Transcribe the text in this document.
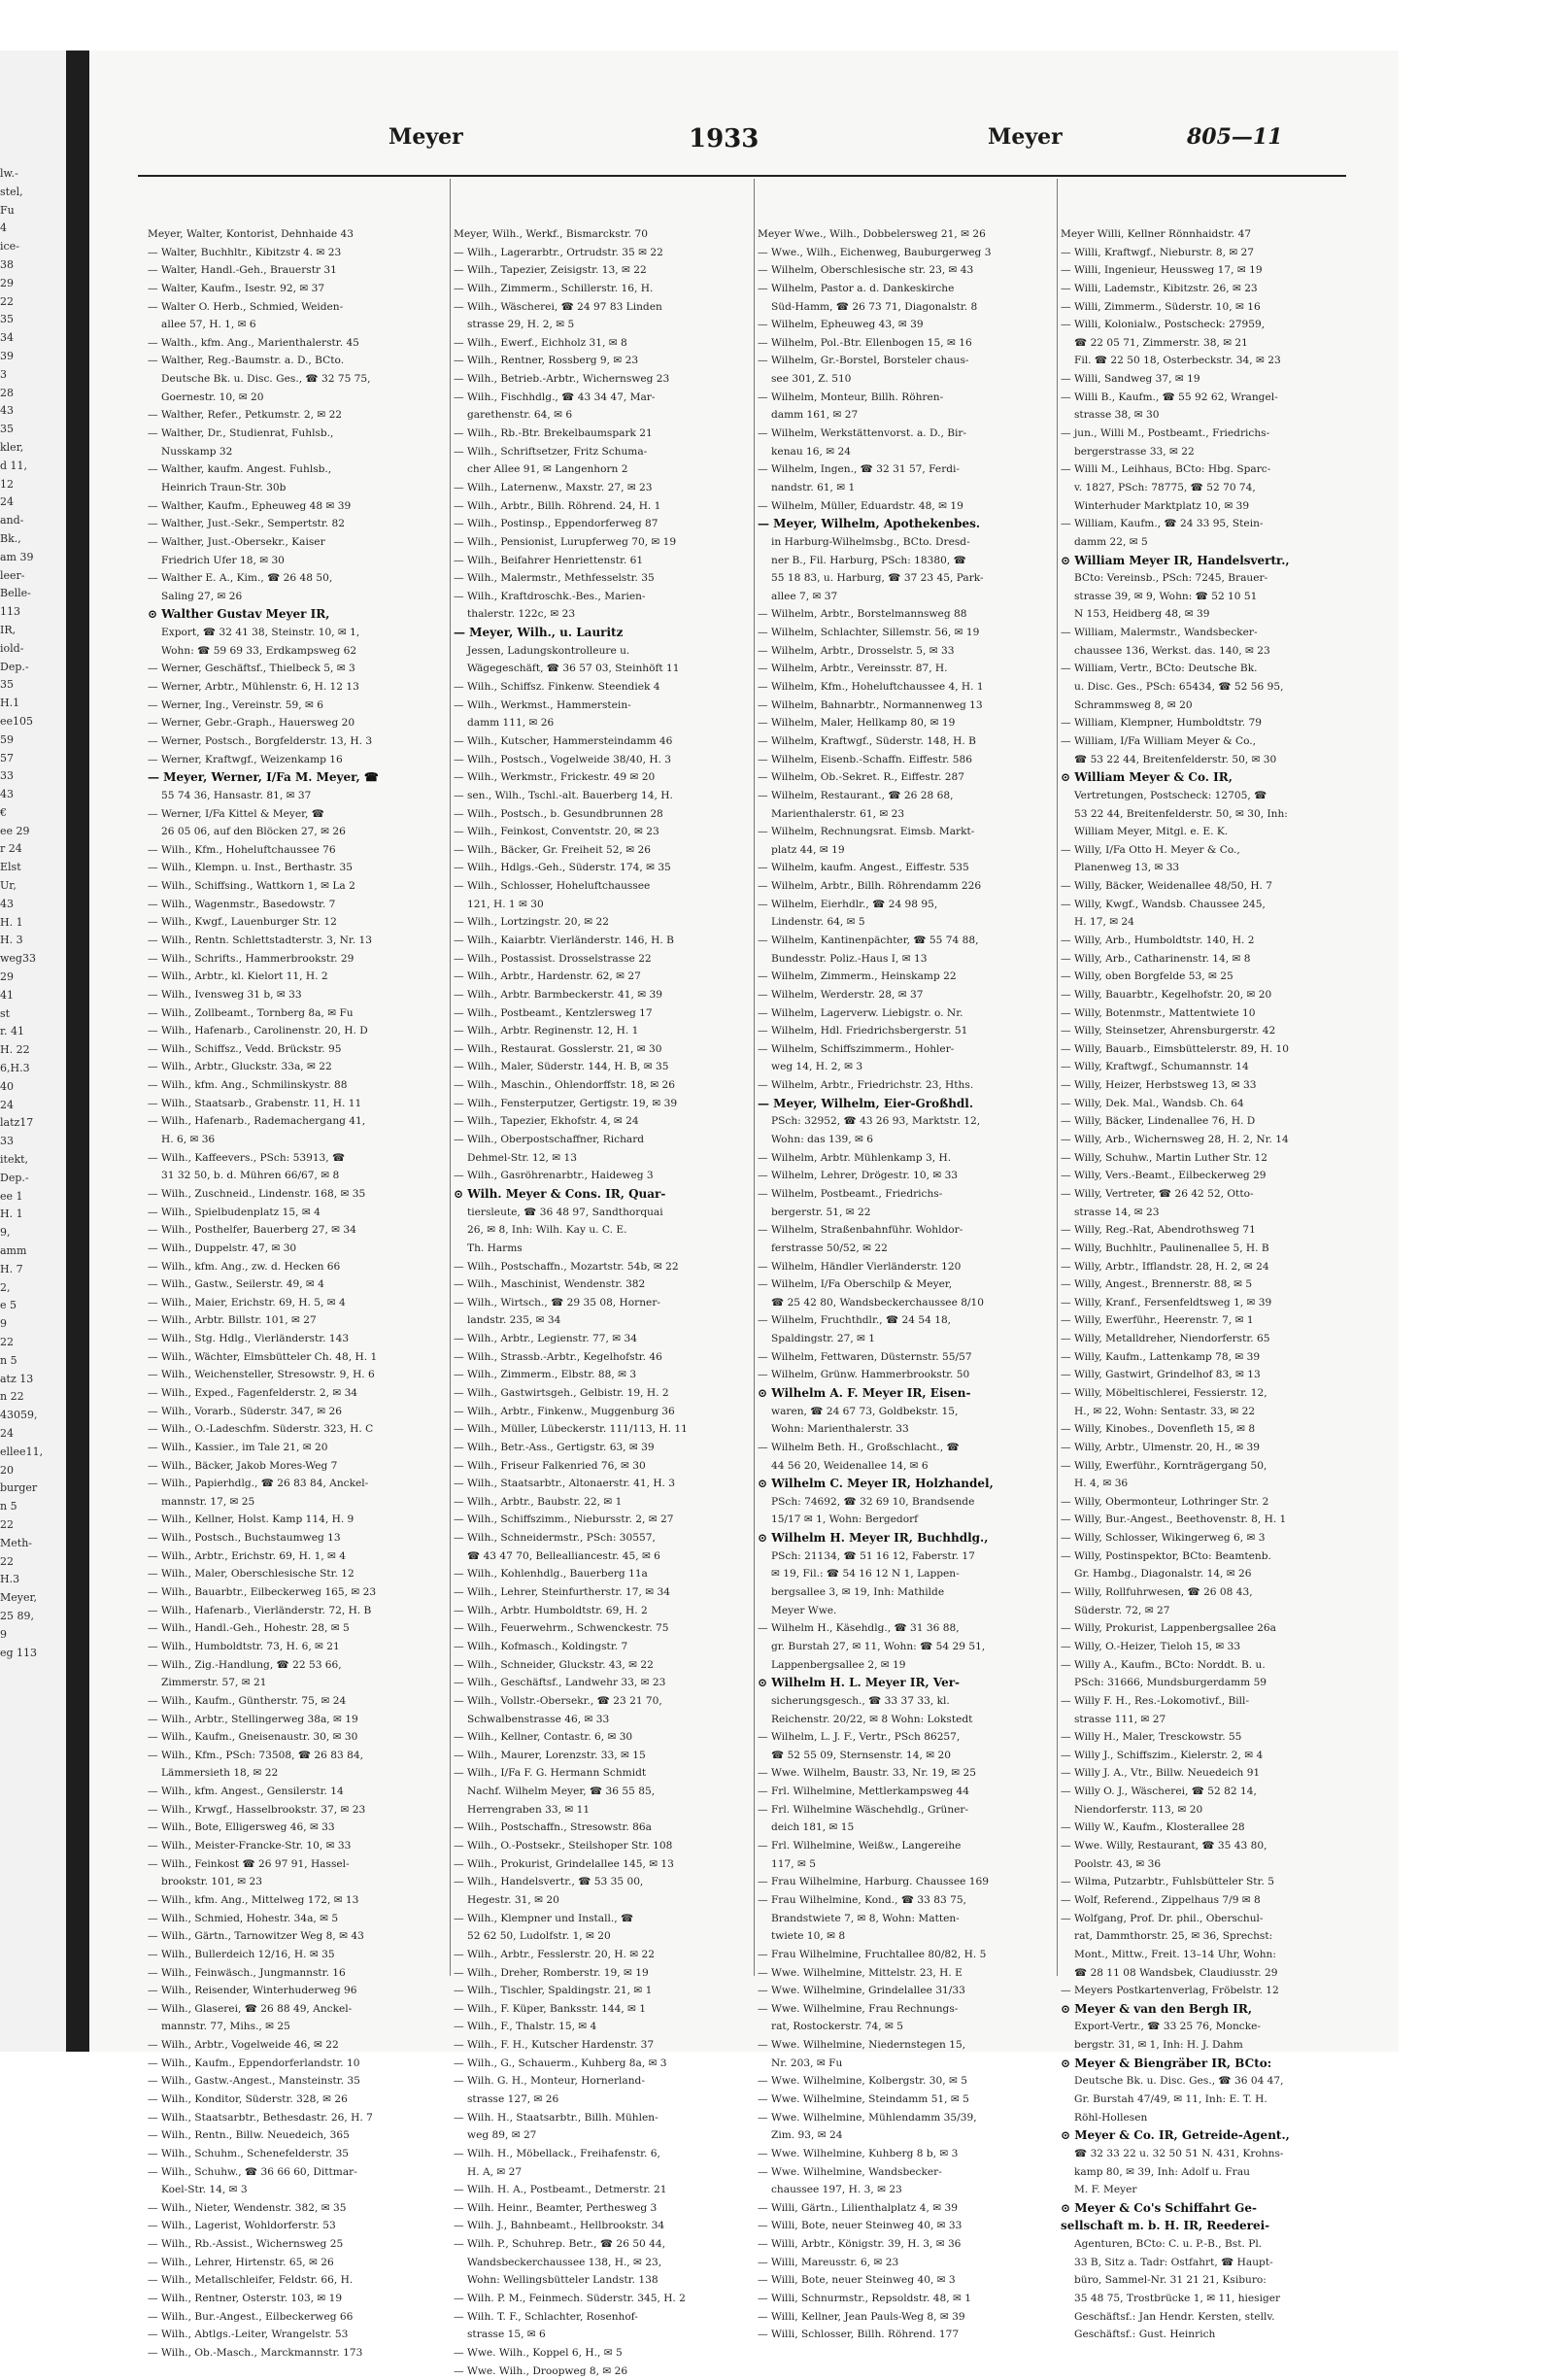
lw.-
stel,
Fu
4
ice-
38
29
22
35
34
39
3
28
43
35
kler,
d 11,
12
24
and-
Bk.,
am 39
leer-
Belle-
113
IR,
iold-
Dep.-
35
H.1
ee105
59
57
33
43
€
ee 29
r 24
Elst
Ur,
43
H. 1
H. 3
weg33
29
41
st
r. 41
H. 22
6,H.3
40
24
latz17
33
itekt,
Dep.-
ee 1
H. 1
9,
amm
H. 7
2,
e 5
9
22
n 5
atz 13
n 22
43059,
24
ellee11,
20
burger
n 5
22
Meth-
22
H.3
Meyer,
25 89,
9
eg 113
Meyer	1933	Meyer	805—11
Meyer, Walter, Kontorist, Dehnhaide 43
— Walter, Buchhltr., Kibitzstr 4. ✉ 23
— Walter, Handl.-Geh., Brauerstr 31
— Walter, Kaufm., Isestr. 92, ✉ 37
— Walter O. Herb., Schmied, Weiden-
allee 57, H. 1, ✉ 6
— Walth., kfm. Ang., Marienthalerstr. 45
— Walther, Reg.-Baumstr. a. D., BCto.
Deutsche Bk. u. Disc. Ges., ☎ 32 75 75,
Goernestr. 10, ✉ 20
— Walther, Refer., Petkumstr. 2, ✉ 22
— Walther, Dr., Studienrat, Fuhlsb.,
Nusskamp 32
— Walther, kaufm. Angest. Fuhlsb.,
Heinrich Traun-Str. 30b
— Walther, Kaufm., Epheuweg 48 ✉ 39
— Walther, Just.-Sekr., Sempertstr. 82
— Walther, Just.-Obersekr., Kaiser
Friedrich Ufer 18, ✉ 30
— Walther E. A., Kim., ☎ 26 48 50,
Saling 27, ✉ 26
⊙ Walther Gustav Meyer IR,
Export, ☎ 32 41 38, Steinstr. 10, ✉ 1,
Wohn: ☎ 59 69 33, Erdkampsweg 62
— Werner, Geschäftsf., Thielbeck 5, ✉ 3
— Werner, Arbtr., Mühlenstr. 6, H. 12 13
— Werner, Ing., Vereinstr. 59, ✉ 6
— Werner, Gebr.-Graph., Hauersweg 20
— Werner, Postsch., Borgfelderstr. 13, H. 3
— Werner, Kraftwgf., Weizenkamp 16
— Meyer, Werner, I/Fa M. Meyer, ☎
55 74 36, Hansastr. 81, ✉ 37
— Werner, I/Fa Kittel & Meyer, ☎
26 05 06, auf den Blöcken 27, ✉ 26
— Wilh., Kfm., Hoheluftchaussee 76
— Wilh., Klempn. u. Inst., Berthastr. 35
— Wilh., Schiffsing., Wattkorn 1, ✉ La 2
— Wilh., Wagenmstr., Basedowstr. 7
— Wilh., Kwgf., Lauenburger Str. 12
— Wilh., Rentn. Schlettstadterstr. 3, Nr. 13
— Wilh., Schrifts., Hammerbrookstr. 29
— Wilh., Arbtr., kl. Kielort 11, H. 2
— Wilh., Ivensweg 31 b, ✉ 33
— Wilh., Zollbeamt., Tornberg 8a, ✉ Fu
— Wilh., Hafenarb., Carolinenstr. 20, H. D
— Wilh., Schiffsz., Vedd. Brückstr. 95
— Wilh., Arbtr., Gluckstr. 33a, ✉ 22
— Wilh., kfm. Ang., Schmilinskystr. 88
— Wilh., Staatsarb., Grabenstr. 11, H. 11
— Wilh., Hafenarb., Rademachergang 41,
H. 6, ✉ 36
— Wilh., Kaffeevers., PSch: 53913, ☎
31 32 50, b. d. Mühren 66/67, ✉ 8
— Wilh., Zuschneid., Lindenstr. 168, ✉ 35
— Wilh., Spielbudenplatz 15, ✉ 4
— Wilh., Posthelfer, Bauerberg 27, ✉ 34
— Wilh., Duppelstr. 47, ✉ 30
— Wilh., kfm. Ang., zw. d. Hecken 66
— Wilh., Gastw., Seilerstr. 49, ✉ 4
— Wilh., Maier, Erichstr. 69, H. 5, ✉ 4
— Wilh., Arbtr. Billstr. 101, ✉ 27
— Wilh., Stg. Hdlg., Vierländerstr. 143
— Wilh., Wächter, Elmsbütteler Ch. 48, H. 1
— Wilh., Weichensteller, Stresowstr. 9, H. 6
— Wilh., Exped., Fagenfelderstr. 2, ✉ 34
— Wilh., Vorarb., Süderstr. 347, ✉ 26
— Wilh., O.-Ladeschfm. Süderstr. 323, H. C
— Wilh., Kassier., im Tale 21, ✉ 20
— Wilh., Bäcker, Jakob Mores-Weg 7
— Wilh., Papierhdlg., ☎ 26 83 84, Anckel-
mannstr. 17, ✉ 25
— Wilh., Kellner, Holst. Kamp 114, H. 9
— Wilh., Postsch., Buchstaumweg 13
— Wilh., Arbtr., Erichstr. 69, H. 1, ✉ 4
— Wilh., Maler, Oberschlesische Str. 12
— Wilh., Bauarbtr., Eilbeckerweg 165, ✉ 23
— Wilh., Hafenarb., Vierländerstr. 72, H. B
— Wilh., Handl.-Geh., Hohestr. 28, ✉ 5
— Wilh., Humboldtstr. 73, H. 6, ✉ 21
— Wilh., Zig.-Handlung, ☎ 22 53 66,
Zimmerstr. 57, ✉ 21
— Wilh., Kaufm., Güntherstr. 75, ✉ 24
— Wilh., Arbtr., Stellingerweg 38a, ✉ 19
— Wilh., Kaufm., Gneisenaustr. 30, ✉ 30
— Wilh., Kfm., PSch: 73508, ☎ 26 83 84,
Lämmersieth 18, ✉ 22
— Wilh., kfm. Angest., Gensilerstr. 14
— Wilh., Krwgf., Hasselbrookstr. 37, ✉ 23
— Wilh., Bote, Elligersweg 46, ✉ 33
— Wilh., Meister-Francke-Str. 10, ✉ 33
— Wilh., Feinkost ☎ 26 97 91, Hassel-
brookstr. 101, ✉ 23
— Wilh., kfm. Ang., Mittelweg 172, ✉ 13
— Wilh., Schmied, Hohestr. 34a, ✉ 5
— Wilh., Gärtn., Tarnowitzer Weg 8, ✉ 43
— Wilh., Bullerdeich 12/16, H. ✉ 35
— Wilh., Feinwäsch., Jungmannstr. 16
— Wilh., Reisender, Winterhuderweg 96
— Wilh., Glaserei, ☎ 26 88 49, Anckel-
mannstr. 77, Mihs., ✉ 25
— Wilh., Arbtr., Vogelweide 46, ✉ 22
— Wilh., Kaufm., Eppendorferlandstr. 10
— Wilh., Gastw.-Angest., Mansteinstr. 35
— Wilh., Konditor, Süderstr. 328, ✉ 26
— Wilh., Staatsarbtr., Bethesdastr. 26, H. 7
— Wilh., Rentn., Billw. Neuedeich, 365
— Wilh., Schuhm., Schenefelderstr. 35
— Wilh., Schuhw., ☎ 36 66 60, Dittmar-
Koel-Str. 14, ✉ 3
— Wilh., Nieter, Wendenstr. 382, ✉ 35
— Wilh., Lagerist, Wohldorferstr. 53
— Wilh., Rb.-Assist., Wichernsweg 25
— Wilh., Lehrer, Hirtenstr. 65, ✉ 26
— Wilh., Metallschleifer, Feldstr. 66, H.
— Wilh., Rentner, Osterstr. 103, ✉ 19
— Wilh., Bur.-Angest., Eilbeckerweg 66
— Wilh., Abtlgs.-Leiter, Wrangelstr. 53
— Wilh., Ob.-Masch., Marckmannstr. 173
Meyer, Wilh., Werkf., Bismarckstr. 70
— Wilh., Lagerarbtr., Ortrudstr. 35 ✉ 22
— Wilh., Tapezier, Zeisigstr. 13, ✉ 22
— Wilh., Zimmerm., Schillerstr. 16, H.
— Wilh., Wäscherei, ☎ 24 97 83 Linden
strasse 29, H. 2, ✉ 5
— Wilh., Ewerf., Eichholz 31, ✉ 8
— Wilh., Rentner, Rossberg 9, ✉ 23
— Wilh., Betrieb.-Arbtr., Wichernsweg 23
— Wilh., Fischhdlg., ☎ 43 34 47, Mar-
garethenstr. 64, ✉ 6
— Wilh., Rb.-Btr. Brekelbaumspark 21
— Wilh., Schriftsetzer, Fritz Schuma-
cher Allee 91, ✉ Langenhorn 2
— Wilh., Laternenw., Maxstr. 27, ✉ 23
— Wilh., Arbtr., Billh. Röhrend. 24, H. 1
— Wilh., Postinsp., Eppendorferweg 87
— Wilh., Pensionist, Lurupferweg 70, ✉ 19
— Wilh., Beifahrer Henriettenstr. 61
— Wilh., Malermstr., Methfesselstr. 35
— Wilh., Kraftdroschk.-Bes., Marien-
thalerstr. 122c, ✉ 23
— Meyer, Wilh., u. Lauritz
Jessen, Ladungskontrolleure u.
Wägegeschäft, ☎ 36 57 03, Steinhöft 11
— Wilh., Schiffsz. Finkenw. Steendiek 4
— Wilh., Werkmst., Hammerstein-
damm 111, ✉ 26
— Wilh., Kutscher, Hammersteindamm 46
— Wilh., Postsch., Vogelweide 38/40, H. 3
— Wilh., Werkmstr., Frickestr. 49 ✉ 20
— sen., Wilh., Tschl.-alt. Bauerberg 14, H.
— Wilh., Postsch., b. Gesundbrunnen 28
— Wilh., Feinkost, Conventstr. 20, ✉ 23
— Wilh., Bäcker, Gr. Freiheit 52, ✉ 26
— Wilh., Hdlgs.-Geh., Süderstr. 174, ✉ 35
— Wilh., Schlosser, Hoheluftchaussee
121, H. 1 ✉ 30
— Wilh., Lortzingstr. 20, ✉ 22
— Wilh., Kaiarbtr. Vierländerstr. 146, H. B
— Wilh., Postassist. Drosselstrasse 22
— Wilh., Arbtr., Hardenstr. 62, ✉ 27
— Wilh., Arbtr. Barmbeckerstr. 41, ✉ 39
— Wilh., Postbeamt., Kentzlersweg 17
— Wilh., Arbtr. Reginenstr. 12, H. 1
— Wilh., Restaurat. Gosslerstr. 21, ✉ 30
— Wilh., Maler, Süderstr. 144, H. B, ✉ 35
— Wilh., Maschin., Ohlendorffstr. 18, ✉ 26
— Wilh., Fensterputzer, Gertigstr. 19, ✉ 39
— Wilh., Tapezier, Ekhofstr. 4, ✉ 24
— Wilh., Oberpostschaffner, Richard
Dehmel-Str. 12, ✉ 13
— Wilh., Gasröhrenarbtr., Haideweg 3
⊙ Wilh. Meyer & Cons. IR, Quar-
tiersleute, ☎ 36 48 97, Sandthorquai
26, ✉ 8, Inh: Wilh. Kay u. C. E.
Th. Harms
— Wilh., Postschaffn., Mozartstr. 54b, ✉ 22
— Wilh., Maschinist, Wendenstr. 382
— Wilh., Wirtsch., ☎ 29 35 08, Horner-
landstr. 235, ✉ 34
— Wilh., Arbtr., Legienstr. 77, ✉ 34
— Wilh., Strassb.-Arbtr., Kegelhofstr. 46
— Wilh., Zimmerm., Elbstr. 88, ✉ 3
— Wilh., Gastwirtsgeh., Gelbistr. 19, H. 2
— Wilh., Arbtr., Finkenw., Muggenburg 36
— Wilh., Müller, Lübeckerstr. 111/113, H. 11
— Wilh., Betr.-Ass., Gertigstr. 63, ✉ 39
— Wilh., Friseur Falkenried 76, ✉ 30
— Wilh., Staatsarbtr., Altonaerstr. 41, H. 3
— Wilh., Arbtr., Baubstr. 22, ✉ 1
— Wilh., Schiffszimm., Niebursstr. 2, ✉ 27
— Wilh., Schneidermstr., PSch: 30557,
☎ 43 47 70, Bellealliancestr. 45, ✉ 6
— Wilh., Kohlenhdlg., Bauerberg 11a
— Wilh., Lehrer, Steinfurtherstr. 17, ✉ 34
— Wilh., Arbtr. Humboldtstr. 69, H. 2
— Wilh., Feuerwehrm., Schwenckestr. 75
— Wilh., Kofmasch., Koldingstr. 7
— Wilh., Schneider, Gluckstr. 43, ✉ 22
— Wilh., Geschäftsf., Landwehr 33, ✉ 23
— Wilh., Vollstr.-Obersekr., ☎ 23 21 70,
Schwalbenstrasse 46, ✉ 33
— Wilh., Kellner, Contastr. 6, ✉ 30
— Wilh., Maurer, Lorenzstr. 33, ✉ 15
— Wilh., I/Fa F. G. Hermann Schmidt
Nachf. Wilhelm Meyer, ☎ 36 55 85,
Herrengraben 33, ✉ 11
— Wilh., Postschaffn., Stresowstr. 86a
— Wilh., O.-Postsekr., Steilshoper Str. 108
— Wilh., Prokurist, Grindelallee 145, ✉ 13
— Wilh., Handelsvertr., ☎ 53 35 00,
Hegestr. 31, ✉ 20
— Wilh., Klempner und Install., ☎
52 62 50, Ludolfstr. 1, ✉ 20
— Wilh., Arbtr., Fesslerstr. 20, H. ✉ 22
— Wilh., Dreher, Romberstr. 19, ✉ 19
— Wilh., Tischler, Spaldingstr. 21, ✉ 1
— Wilh., F. Küper, Banksstr. 144, ✉ 1
— Wilh., F., Thalstr. 15, ✉ 4
— Wilh., F. H., Kutscher Hardenstr. 37
— Wilh., G., Schauerm., Kuhberg 8a, ✉ 3
— Wilh. G. H., Monteur, Hornerland-
strasse 127, ✉ 26
— Wilh. H., Staatsarbtr., Billh. Mühlen-
weg 89, ✉ 27
— Wilh. H., Möbellack., Freihafenstr. 6,
H. A, ✉ 27
— Wilh. H. A., Postbeamt., Detmerstr. 21
— Wilh. Heinr., Beamter, Perthesweg 3
— Wilh. J., Bahnbeamt., Hellbrookstr. 34
— Wilh. P., Schuhrep. Betr., ☎ 26 50 44,
Wandsbeckerchaussee 138, H., ✉ 23,
Wohn: Wellingsbütteler Landstr. 138
— Wilh. P. M., Feinmech. Süderstr. 345, H. 2
— Wilh. T. F., Schlachter, Rosenhof-
strasse 15, ✉ 6
— Wwe. Wilh., Koppel 6, H., ✉ 5
— Wwe. Wilh., Droopweg 8, ✉ 26
Meyer Wwe., Wilh., Dobbelersweg 21, ✉ 26
— Wwe., Wilh., Eichenweg, Bauburgerweg 3
— Wilhelm, Oberschlesische str. 23, ✉ 43
— Wilhelm, Pastor a. d. Dankeskirche
Süd-Hamm, ☎ 26 73 71, Diagonalstr. 8
— Wilhelm, Epheuweg 43, ✉ 39
— Wilhelm, Pol.-Btr. Ellenbogen 15, ✉ 16
— Wilhelm, Gr.-Borstel, Borsteler chaus-
see 301, Z. 510
— Wilhelm, Monteur, Billh. Röhren-
damm 161, ✉ 27
— Wilhelm, Werkstättenvorst. a. D., Bir-
kenau 16, ✉ 24
— Wilhelm, Ingen., ☎ 32 31 57, Ferdi-
nandstr. 61, ✉ 1
— Wilhelm, Müller, Eduardstr. 48, ✉ 19
— Meyer, Wilhelm, Apothekenbes.
in Harburg-Wilhelmsbg., BCto. Dresd-
ner B., Fil. Harburg, PSch: 18380, ☎
55 18 83, u. Harburg, ☎ 37 23 45, Park-
allee 7, ✉ 37
— Wilhelm, Arbtr., Borstelmannsweg 88
— Wilhelm, Schlachter, Sillemstr. 56, ✉ 19
— Wilhelm, Arbtr., Drosselstr. 5, ✉ 33
— Wilhelm, Arbtr., Vereinsstr. 87, H.
— Wilhelm, Kfm., Hoheluftchaussee 4, H. 1
— Wilhelm, Bahnarbtr., Normannenweg 13
— Wilhelm, Maler, Hellkamp 80, ✉ 19
— Wilhelm, Kraftwgf., Süderstr. 148, H. B
— Wilhelm, Eisenb.-Schaffn. Eiffestr. 586
— Wilhelm, Ob.-Sekret. R., Eiffestr. 287
— Wilhelm, Restaurant., ☎ 26 28 68,
Marienthalerstr. 61, ✉ 23
— Wilhelm, Rechnungsrat. Eimsb. Markt-
platz 44, ✉ 19
— Wilhelm, kaufm. Angest., Eiffestr. 535
— Wilhelm, Arbtr., Billh. Röhrendamm 226
— Wilhelm, Eierhdlr., ☎ 24 98 95,
Lindenstr. 64, ✉ 5
— Wilhelm, Kantinenpächter, ☎ 55 74 88,
Bundesstr. Poliz.-Haus I, ✉ 13
— Wilhelm, Zimmerm., Heinskamp 22
— Wilhelm, Werderstr. 28, ✉ 37
— Wilhelm, Lagerverw. Liebigstr. o. Nr.
— Wilhelm, Hdl. Friedrichsbergerstr. 51
— Wilhelm, Schiffszimmerm., Hohler-
weg 14, H. 2, ✉ 3
— Wilhelm, Arbtr., Friedrichstr. 23, Hths.
— Meyer, Wilhelm, Eier-Großhdl.
PSch: 32952, ☎ 43 26 93, Marktstr. 12,
Wohn: das 139, ✉ 6
— Wilhelm, Arbtr. Mühlenkamp 3, H.
— Wilhelm, Lehrer, Drögestr. 10, ✉ 33
— Wilhelm, Postbeamt., Friedrichs-
bergerstr. 51, ✉ 22
— Wilhelm, Straßenbahnführ. Wohldor-
ferstrasse 50/52, ✉ 22
— Wilhelm, Händler Vierländerstr. 120
— Wilhelm, I/Fa Oberschilp & Meyer,
☎ 25 42 80, Wandsbeckerchaussee 8/10
— Wilhelm, Fruchthdlr., ☎ 24 54 18,
Spaldingstr. 27, ✉ 1
— Wilhelm, Fettwaren, Düsternstr. 55/57
— Wilhelm, Grünw. Hammerbrookstr. 50
⊙ Wilhelm A. F. Meyer IR, Eisen-
waren, ☎ 24 67 73, Goldbekstr. 15,
Wohn: Marienthalerstr. 33
— Wilhelm Beth. H., Großschlacht., ☎
44 56 20, Weidenallee 14, ✉ 6
⊙ Wilhelm C. Meyer IR, Holzhandel,
PSch: 74692, ☎ 32 69 10, Brandsende
15/17 ✉ 1, Wohn: Bergedorf
⊙ Wilhelm H. Meyer IR, Buchhdlg.,
PSch: 21134, ☎ 51 16 12, Faberstr. 17
✉ 19, Fil.: ☎ 54 16 12 N 1, Lappen-
bergsallee 3, ✉ 19, Inh: Mathilde
Meyer Wwe.
— Wilhelm H., Käsehdlg., ☎ 31 36 88,
gr. Burstah 27, ✉ 11, Wohn: ☎ 54 29 51,
Lappenbergsallee 2, ✉ 19
⊙ Wilhelm H. L. Meyer IR, Ver-
sicherungsgesch., ☎ 33 37 33, kl.
Reichenstr. 20/22, ✉ 8 Wohn: Lokstedt
— Wilhelm, L. J. F., Vertr., PSch 86257,
☎ 52 55 09, Sternsenstr. 14, ✉ 20
— Wwe. Wilhelm, Baustr. 33, Nr. 19, ✉ 25
— Frl. Wilhelmine, Mettlerkampsweg 44
— Frl. Wilhelmine Wäschehdlg., Grüner-
deich 181, ✉ 15
— Frl. Wilhelmine, Weißw., Langereihe
117, ✉ 5
— Frau Wilhelmine, Harburg. Chaussee 169
— Frau Wilhelmine, Kond., ☎ 33 83 75,
Brandstwiete 7, ✉ 8, Wohn: Matten-
twiete 10, ✉ 8
— Frau Wilhelmine, Fruchtallee 80/82, H. 5
— Wwe. Wilhelmine, Mittelstr. 23, H. E
— Wwe. Wilhelmine, Grindelallee 31/33
— Wwe. Wilhelmine, Frau Rechnungs-
rat, Rostockerstr. 74, ✉ 5
— Wwe. Wilhelmine, Niedernstegen 15,
Nr. 203, ✉ Fu
— Wwe. Wilhelmine, Kolbergstr. 30, ✉ 5
— Wwe. Wilhelmine, Steindamm 51, ✉ 5
— Wwe. Wilhelmine, Mühlendamm 35/39,
Zim. 93, ✉ 24
— Wwe. Wilhelmine, Kuhberg 8 b, ✉ 3
— Wwe. Wilhelmine, Wandsbecker-
chaussee 197, H. 3, ✉ 23
— Willi, Gärtn., Lilienthalplatz 4, ✉ 39
— Willi, Bote, neuer Steinweg 40, ✉ 33
— Willi, Arbtr., Königstr. 39, H. 3, ✉ 36
— Willi, Mareusstr. 6, ✉ 23
— Willi, Bote, neuer Steinweg 40, ✉ 3
— Willi, Schnurmstr., Repsoldstr. 48, ✉ 1
— Willi, Kellner, Jean Pauls-Weg 8, ✉ 39
— Willi, Schlosser, Billh. Röhrend. 177
Meyer Willi, Kellner Rönnhaidstr. 47
— Willi, Kraftwgf., Nieburstr. 8, ✉ 27
— Willi, Ingenieur, Heussweg 17, ✉ 19
— Willi, Lademstr., Kibitzstr. 26, ✉ 23
— Willi, Zimmerm., Süderstr. 10, ✉ 16
— Willi, Kolonialw., Postscheck: 27959,
☎ 22 05 71, Zimmerstr. 38, ✉ 21
Fil. ☎ 22 50 18, Osterbeckstr. 34, ✉ 23
— Willi, Sandweg 37, ✉ 19
— Willi B., Kaufm., ☎ 55 92 62, Wrangel-
strasse 38, ✉ 30
— jun., Willi M., Postbeamt., Friedrichs-
bergerstrasse 33, ✉ 22
— Willi M., Leihhaus, BCto: Hbg. Sparc-
v. 1827, PSch: 78775, ☎ 52 70 74,
Winterhuder Marktplatz 10, ✉ 39
— William, Kaufm., ☎ 24 33 95, Stein-
damm 22, ✉ 5
⊙ William Meyer IR, Handelsvertr.,
BCto: Vereinsb., PSch: 7245, Brauer-
strasse 39, ✉ 9, Wohn: ☎ 52 10 51
N 153, Heidberg 48, ✉ 39
— William, Malermstr., Wandsbecker-
chaussee 136, Werkst. das. 140, ✉ 23
— William, Vertr., BCto: Deutsche Bk.
u. Disc. Ges., PSch: 65434, ☎ 52 56 95,
Schrammsweg 8, ✉ 20
— William, Klempner, Humboldtstr. 79
— William, I/Fa William Meyer & Co.,
☎ 53 22 44, Breitenfelderstr. 50, ✉ 30
⊙ William Meyer & Co. IR,
Vertretungen, Postscheck: 12705, ☎
53 22 44, Breitenfelderstr. 50, ✉ 30, Inh:
William Meyer, Mitgl. e. E. K.
— Willy, I/Fa Otto H. Meyer & Co.,
Planenweg 13, ✉ 33
— Willy, Bäcker, Weidenallee 48/50, H. 7
— Willy, Kwgf., Wandsb. Chaussee 245,
H. 17, ✉ 24
— Willy, Arb., Humboldtstr. 140, H. 2
— Willy, Arb., Catharinenstr. 14, ✉ 8
— Willy, oben Borgfelde 53, ✉ 25
— Willy, Bauarbtr., Kegelhofstr. 20, ✉ 20
— Willy, Botenmstr., Mattentwiete 10
— Willy, Steinsetzer, Ahrensburgerstr. 42
— Willy, Bauarb., Eimsbüttelerstr. 89, H. 10
— Willy, Kraftwgf., Schumannstr. 14
— Willy, Heizer, Herbstsweg 13, ✉ 33
— Willy, Dek. Mal., Wandsb. Ch. 64
— Willy, Bäcker, Lindenallee 76, H. D
— Willy, Arb., Wichernsweg 28, H. 2, Nr. 14
— Willy, Schuhw., Martin Luther Str. 12
— Willy, Vers.-Beamt., Eilbeckerweg 29
— Willy, Vertreter, ☎ 26 42 52, Otto-
strasse 14, ✉ 23
— Willy, Reg.-Rat, Abendrothsweg 71
— Willy, Buchhltr., Paulinenallee 5, H. B
— Willy, Arbtr., Ifflandstr. 28, H. 2, ✉ 24
— Willy, Angest., Brennerstr. 88, ✉ 5
— Willy, Kranf., Fersenfeldtsweg 1, ✉ 39
— Willy, Ewerführ., Heerenstr. 7, ✉ 1
— Willy, Metalldreher, Niendorferstr. 65
— Willy, Kaufm., Lattenkamp 78, ✉ 39
— Willy, Gastwirt, Grindelhof 83, ✉ 13
— Willy, Möbeltischlerei, Fessierstr. 12,
H., ✉ 22, Wohn: Sentastr. 33, ✉ 22
— Willy, Kinobes., Dovenfleth 15, ✉ 8
— Willy, Arbtr., Ulmenstr. 20, H., ✉ 39
— Willy, Ewerführ., Kornträgergang 50,
H. 4, ✉ 36
— Willy, Obermonteur, Lothringer Str. 2
— Willy, Bur.-Angest., Beethovenstr. 8, H. 1
— Willy, Schlosser, Wikingerweg 6, ✉ 3
— Willy, Postinspektor, BCto: Beamtenb.
Gr. Hambg., Diagonalstr. 14, ✉ 26
— Willy, Rollfuhrwesen, ☎ 26 08 43,
Süderstr. 72, ✉ 27
— Willy, Prokurist, Lappenbergsallee 26a
— Willy, O.-Heizer, Tieloh 15, ✉ 33
— Willy A., Kaufm., BCto: Norddt. B. u.
PSch: 31666, Mundsburgerdamm 59
— Willy F. H., Res.-Lokomotivf., Bill-
strasse 111, ✉ 27
— Willy H., Maler, Tresckowstr. 55
— Willy J., Schiffszim., Kielerstr. 2, ✉ 4
— Willy J. A., Vtr., Billw. Neuedeich 91
— Willy O. J., Wäscherei, ☎ 52 82 14,
Niendorferstr. 113, ✉ 20
— Willy W., Kaufm., Klosterallee 28
— Wwe. Willy, Restaurant, ☎ 35 43 80,
Poolstr. 43, ✉ 36
— Wilma, Putzarbtr., Fuhlsbütteler Str. 5
— Wolf, Referend., Zippelhaus 7/9 ✉ 8
— Wolfgang, Prof. Dr. phil., Oberschul-
rat, Dammthorstr. 25, ✉ 36, Sprechst:
Mont., Mittw., Freit. 13–14 Uhr, Wohn:
☎ 28 11 08 Wandsbek, Claudiusstr. 29
— Meyers Postkartenverlag, Fröbelstr. 12
⊙ Meyer & van den Bergh IR,
Export-Vertr., ☎ 33 25 76, Moncke-
bergstr. 31, ✉ 1, Inh: H. J. Dahm
⊙ Meyer & Biengräber IR, BCto:
Deutsche Bk. u. Disc. Ges., ☎ 36 04 47,
Gr. Burstah 47/49, ✉ 11, Inh: E. T. H.
Röhl-Hollesen
⊙ Meyer & Co. IR, Getreide-Agent.,
☎ 32 33 22 u. 32 50 51 N. 431, Krohns-
kamp 80, ✉ 39, Inh: Adolf u. Frau
M. F. Meyer
⊙ Meyer & Co's Schiffahrt Ge-
sellschaft m. b. H. IR, Reederei-
Agenturen, BCto: C. u. P.-B., Bst. Pl.
33 B, Sitz a. Tadr: Ostfahrt, ☎ Haupt-
büro, Sammel-Nr. 31 21 21, Ksiburo:
35 48 75, Trostbrücke 1, ✉ 11, hiesiger
Geschäftsf.: Jan Hendr. Kersten, stellv.
Geschäftsf.: Gust. Heinrich
